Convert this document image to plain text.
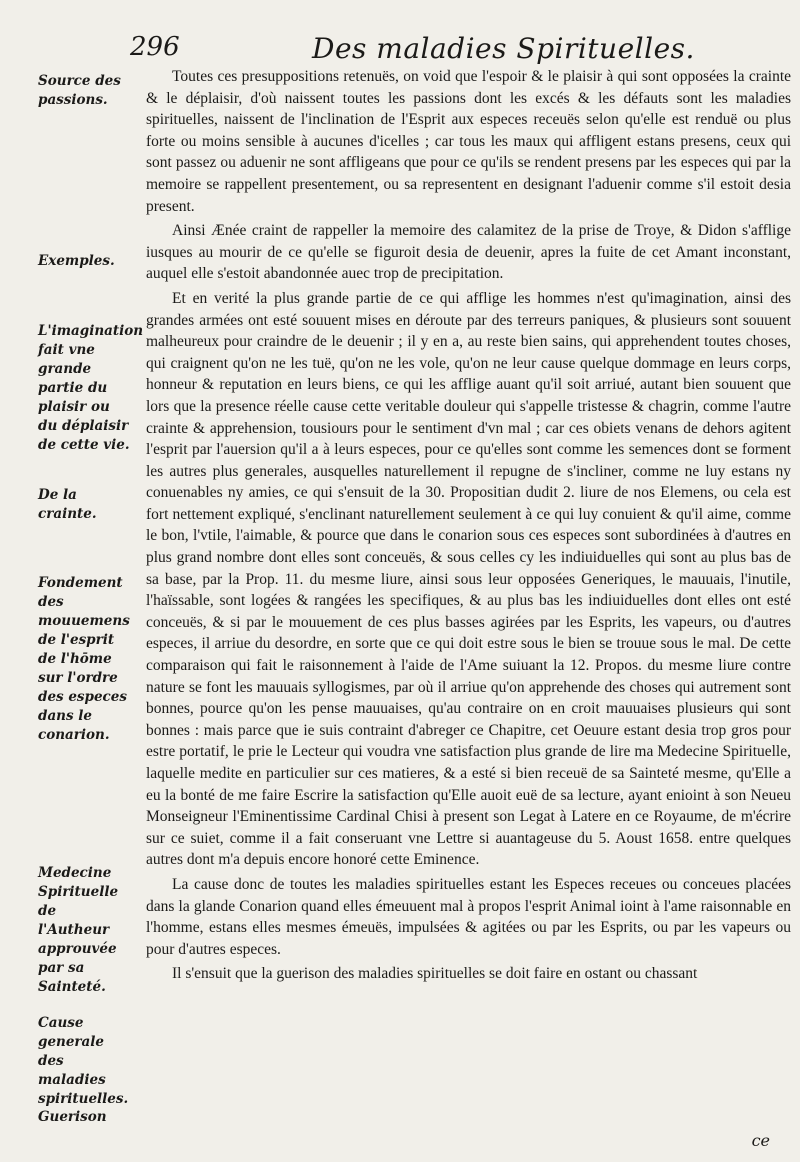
296	Des maladies Spirituelles.
Source des passions.
Exemples.
L'imagination fait vne grande partie du plaisir ou du déplaisir de cette vie.
De la crainte.
Fondement des mouuemens de l'esprit de l'hōme sur l'ordre des especes dans le conarion.
Medecine Spirituelle de l'Autheur approuvée par sa Sainteté.
Cause generale des maladies spirituelles.
Guerison

Toutes ces presuppositions retenuës, on void que l'espoir & le plaisir à qui sont opposées la crainte & le déplaisir, d'où naissent toutes les passions dont les excés & les défauts sont les maladies spirituelles, naissent de l'inclination de l'Esprit aux especes receuës selon qu'elle est renduë ou plus forte ou moins sensible à aucunes d'icelles ; car tous les maux qui affligent estans presens, ceux qui sont passez ou aduenir ne sont affligeans que pour ce qu'ils se rendent presens par les especes qui par la memoire se rappellent presentement, ou sa representent en designant l'aduenir comme s'il estoit desia present.

Ainsi Ænée craint de rappeller la memoire des calamitez de la prise de Troye, & Didon s'afflige iusques au mourir de ce qu'elle se figuroit desia de deuenir, apres la fuite de cet Amant inconstant, auquel elle s'estoit abandonnée auec trop de precipitation.

Et en verité la plus grande partie de ce qui afflige les hommes n'est qu'imagination, ainsi des grandes armées ont esté souuent mises en déroute par des terreurs paniques, & plusieurs sont souuent malheureux pour craindre de le deuenir ; il y en a, au reste bien sains, qui apprehendent toutes choses, qui craignent qu'on ne les tuë, qu'on ne les vole, qu'on ne leur cause quelque dommage en leurs corps, honneur & reputation en leurs biens, ce qui les afflige auant qu'il soit arriué, autant bien souuent que lors que la presence réelle cause cette veritable douleur qui s'appelle tristesse & chagrin, comme l'autre crainte & apprehension, tousiours pour le sentiment d'vn mal ; car ces obiets venans de dehors agitent l'esprit par l'auersion qu'il a à leurs especes, pour ce qu'elles sont comme les semences dont se forment les autres plus generales, ausquelles naturellement il repugne de s'incliner, comme ne luy estans ny conuenables ny amies, ce qui s'ensuit de la 30. Propositian dudit 2. liure de nos Elemens, ou cela est fort nettement expliqué, s'enclinant naturellement seulement à ce qui luy conuient & qu'il aime, comme le bon, l'vtile, l'aimable, & pource que dans le conarion sous ces especes sont subordinées à d'autres en plus grand nombre dont elles sont conceuës, & sous celles cy les indiuiduelles qui sont au plus bas de sa base, par la Prop. 11. du mesme liure, ainsi sous leur opposées Generiques, le mauuais, l'inutile, l'haïssable, sont logées & rangées les specifiques, & au plus bas les indiuiduelles dont elles ont esté conceuës, & si par le mouuement de ces plus basses agirées par les Esprits, les vapeurs, ou d'autres especes, il arriue du desordre, en sorte que ce qui doit estre sous le bien se trouue sous le mal. De cette comparaison qui fait le raisonnement à l'aide de l'Ame suiuant la 12. Propos. du mesme liure contre nature se font les mauuais syllogismes, par où il arriue qu'on apprehende des choses qui autrement sont bonnes, pource qu'on les pense mauuaises, qu'au contraire on en croit mauuaises plusieurs qui sont bonnes : mais parce que ie suis contraint d'abreger ce Chapitre, cet Oeuure estant desia trop gros pour estre portatif, le prie le Lecteur qui voudra vne satisfaction plus grande de lire ma Medecine Spirituelle, laquelle medite en particulier sur ces matieres, & a esté si bien receuë de sa Sainteté mesme, qu'Elle a eu la bonté de me faire Escrire la satisfaction qu'Elle auoit euë de sa lecture, ayant enioint à son Neueu Monseigneur l'Eminentissime Cardinal Chisi à present son Legat à Latere en ce Royaume, de m'écrire sur ce suiet, comme il a fait conseruant vne Lettre si auantageuse du 5. Aoust 1658. entre quelques autres dont m'a depuis encore honoré cette Eminence.

La cause donc de toutes les maladies spirituelles estant les Especes receues ou conceues placées dans la glande Conarion quand elles émeuuent mal à propos l'esprit Animal ioint à l'ame raisonnable en l'homme, estans elles mesmes émeuës, impulsées & agitées ou par les Esprits, ou par les vapeurs ou pour d'autres especes.

Il s'ensuit que la guerison des maladies spirituelles se doit faire en ostant ou chassant

ce
